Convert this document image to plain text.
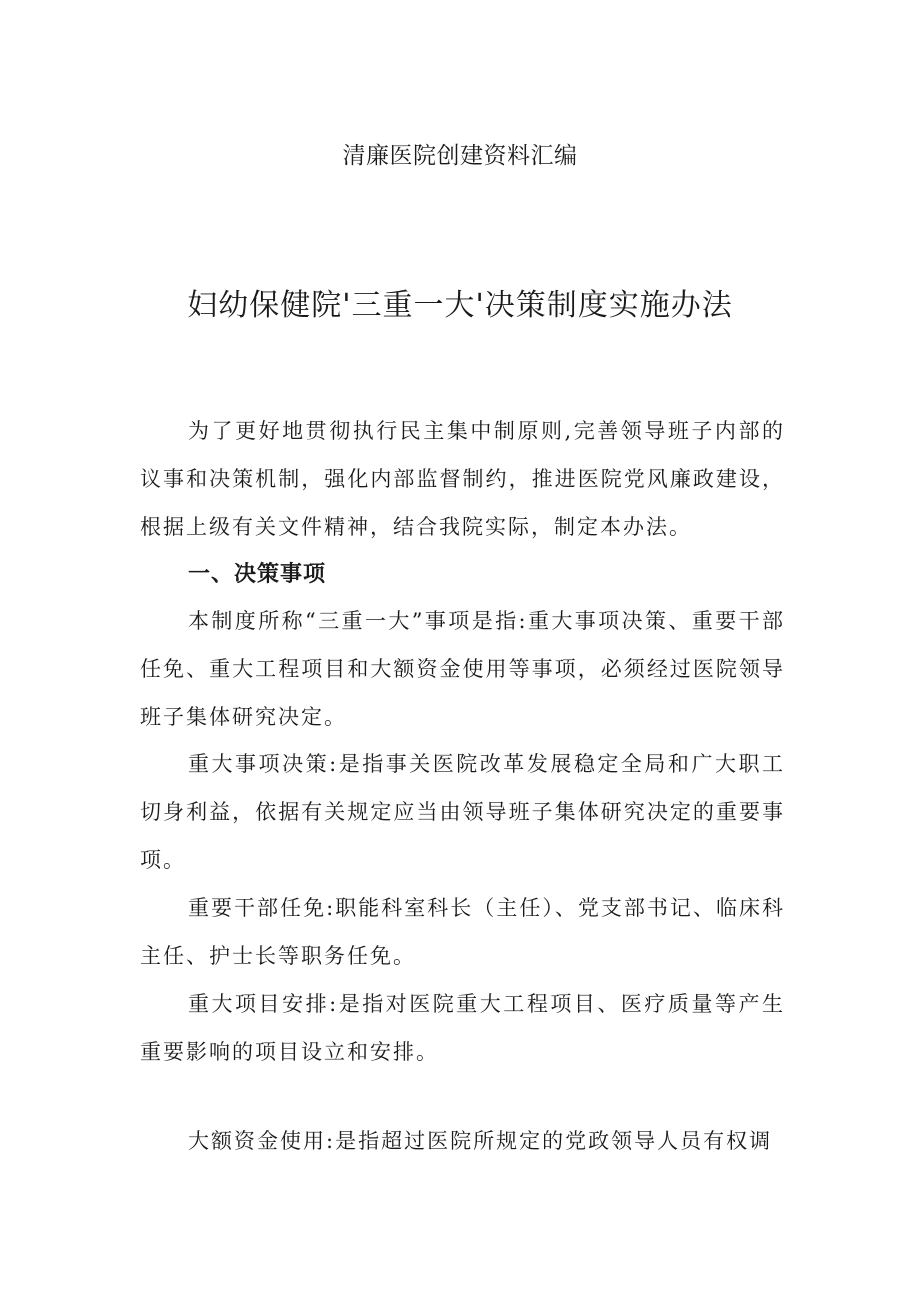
清廉医院创建资料汇编
妇幼保健院'三重一大'决策制度实施办法

为了更好地贯彻执行民主集中制原则,完善领导班子内部的议事和决策机制，强化内部监督制约，推进医院党风廉政建设，根据上级有关文件精神，结合我院实际，制定本办法。

一、决策事项

本制度所称“三重一大”事项是指:重大事项决策、重要干部任免、重大工程项目和大额资金使用等事项，必须经过医院领导班子集体研究决定。

重大事项决策:是指事关医院改革发展稳定全局和广大职工切身利益，依据有关规定应当由领导班子集体研究决定的重要事项。

重要干部任免:职能科室科长（主任）、党支部书记、临床科主任、护士长等职务任免。

重大项目安排:是指对医院重大工程项目、医疗质量等产生重要影响的项目设立和安排。

大额资金使用:是指超过医院所规定的党政领导人员有权调
